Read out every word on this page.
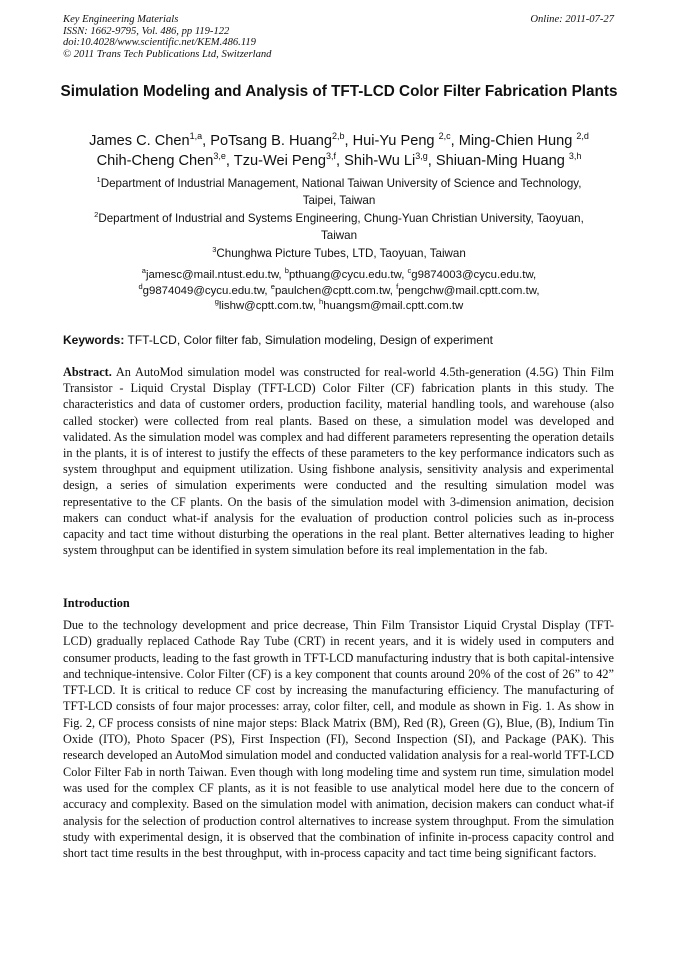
Key Engineering Materials
ISSN: 1662-9795, Vol. 486, pp 119-122
doi:10.4028/www.scientific.net/KEM.486.119
© 2011 Trans Tech Publications Ltd, Switzerland
Online: 2011-07-27
Simulation Modeling and Analysis of TFT-LCD Color Filter Fabrication Plants
James C. Chen$^{1,a}$, PoTsang B. Huang$^{2,b}$, Hui-Yu Peng $^{2,c}$, Ming-Chien Hung $^{2,d}$
Chih-Cheng Chen$^{3,e}$, Tzu-Wei Peng$^{3,f}$, Shih-Wu Li$^{3,g}$, Shiuan-Ming Huang $^{3,h}$
$^1$Department of Industrial Management, National Taiwan University of Science and Technology,
Taipei, Taiwan
$^2$Department of Industrial and Systems Engineering, Chung-Yuan Christian University, Taoyuan,
Taiwan
$^3$Chunghwa Picture Tubes, LTD, Taoyuan, Taiwan
$^a$jamesc@mail.ntust.edu.tw, $^b$pthuang@cycu.edu.tw, $^c$g9874003@cycu.edu.tw,
$^d$g9874049@cycu.edu.tw, $^e$paulchen@cptt.com.tw, $^f$pengchw@mail.cptt.com.tw,
$^g$lishw@cptt.com.tw, $^h$huangsm@mail.cptt.com.tw
Keywords: TFT-LCD, Color filter fab, Simulation modeling, Design of experiment
Abstract. An AutoMod simulation model was constructed for real-world 4.5th-generation (4.5G) Thin Film Transistor - Liquid Crystal Display (TFT-LCD) Color Filter (CF) fabrication plants in this study. The characteristics and data of customer orders, production facility, material handling tools, and warehouse (also called stocker) were collected from real plants. Based on these, a simulation model was developed and validated. As the simulation model was complex and had different parameters representing the operation details in the plants, it is of interest to justify the effects of these parameters to the key performance indicators such as system throughput and equipment utilization. Using fishbone analysis, sensitivity analysis and experimental design, a series of simulation experiments were conducted and the resulting simulation model was representative to the CF plants. On the basis of the simulation model with 3-dimension animation, decision makers can conduct what-if analysis for the evaluation of production control policies such as in-process capacity and tact time without disturbing the operations in the real plant. Better alternatives leading to higher system throughput can be identified in system simulation before its real implementation in the fab.
Introduction
Due to the technology development and price decrease, Thin Film Transistor Liquid Crystal Display (TFT-LCD) gradually replaced Cathode Ray Tube (CRT) in recent years, and it is widely used in computers and consumer products, leading to the fast growth in TFT-LCD manufacturing industry that is both capital-intensive and technique-intensive. Color Filter (CF) is a key component that counts around 20% of the cost of 26” to 42” TFT-LCD. It is critical to reduce CF cost by increasing the manufacturing efficiency. The manufacturing of TFT-LCD consists of four major processes: array, color filter, cell, and module as shown in Fig. 1. As show in Fig. 2, CF process consists of nine major steps: Black Matrix (BM), Red (R), Green (G), Blue, (B), Indium Tin Oxide (ITO), Photo Spacer (PS), First Inspection (FI), Second Inspection (SI), and Package (PAK). This research developed an AutoMod simulation model and conducted validation analysis for a real-world TFT-LCD Color Filter Fab in north Taiwan. Even though with long modeling time and system run time, simulation model was used for the complex CF plants, as it is not feasible to use analytical model here due to the concern of accuracy and complexity. Based on the simulation model with animation, decision makers can conduct what-if analysis for the selection of production control alternatives to increase system throughput. From the simulation study with experimental design, it is observed that the combination of infinite in-process capacity control and short tact time results in the best throughput, with in-process capacity and tact time being significant factors.
